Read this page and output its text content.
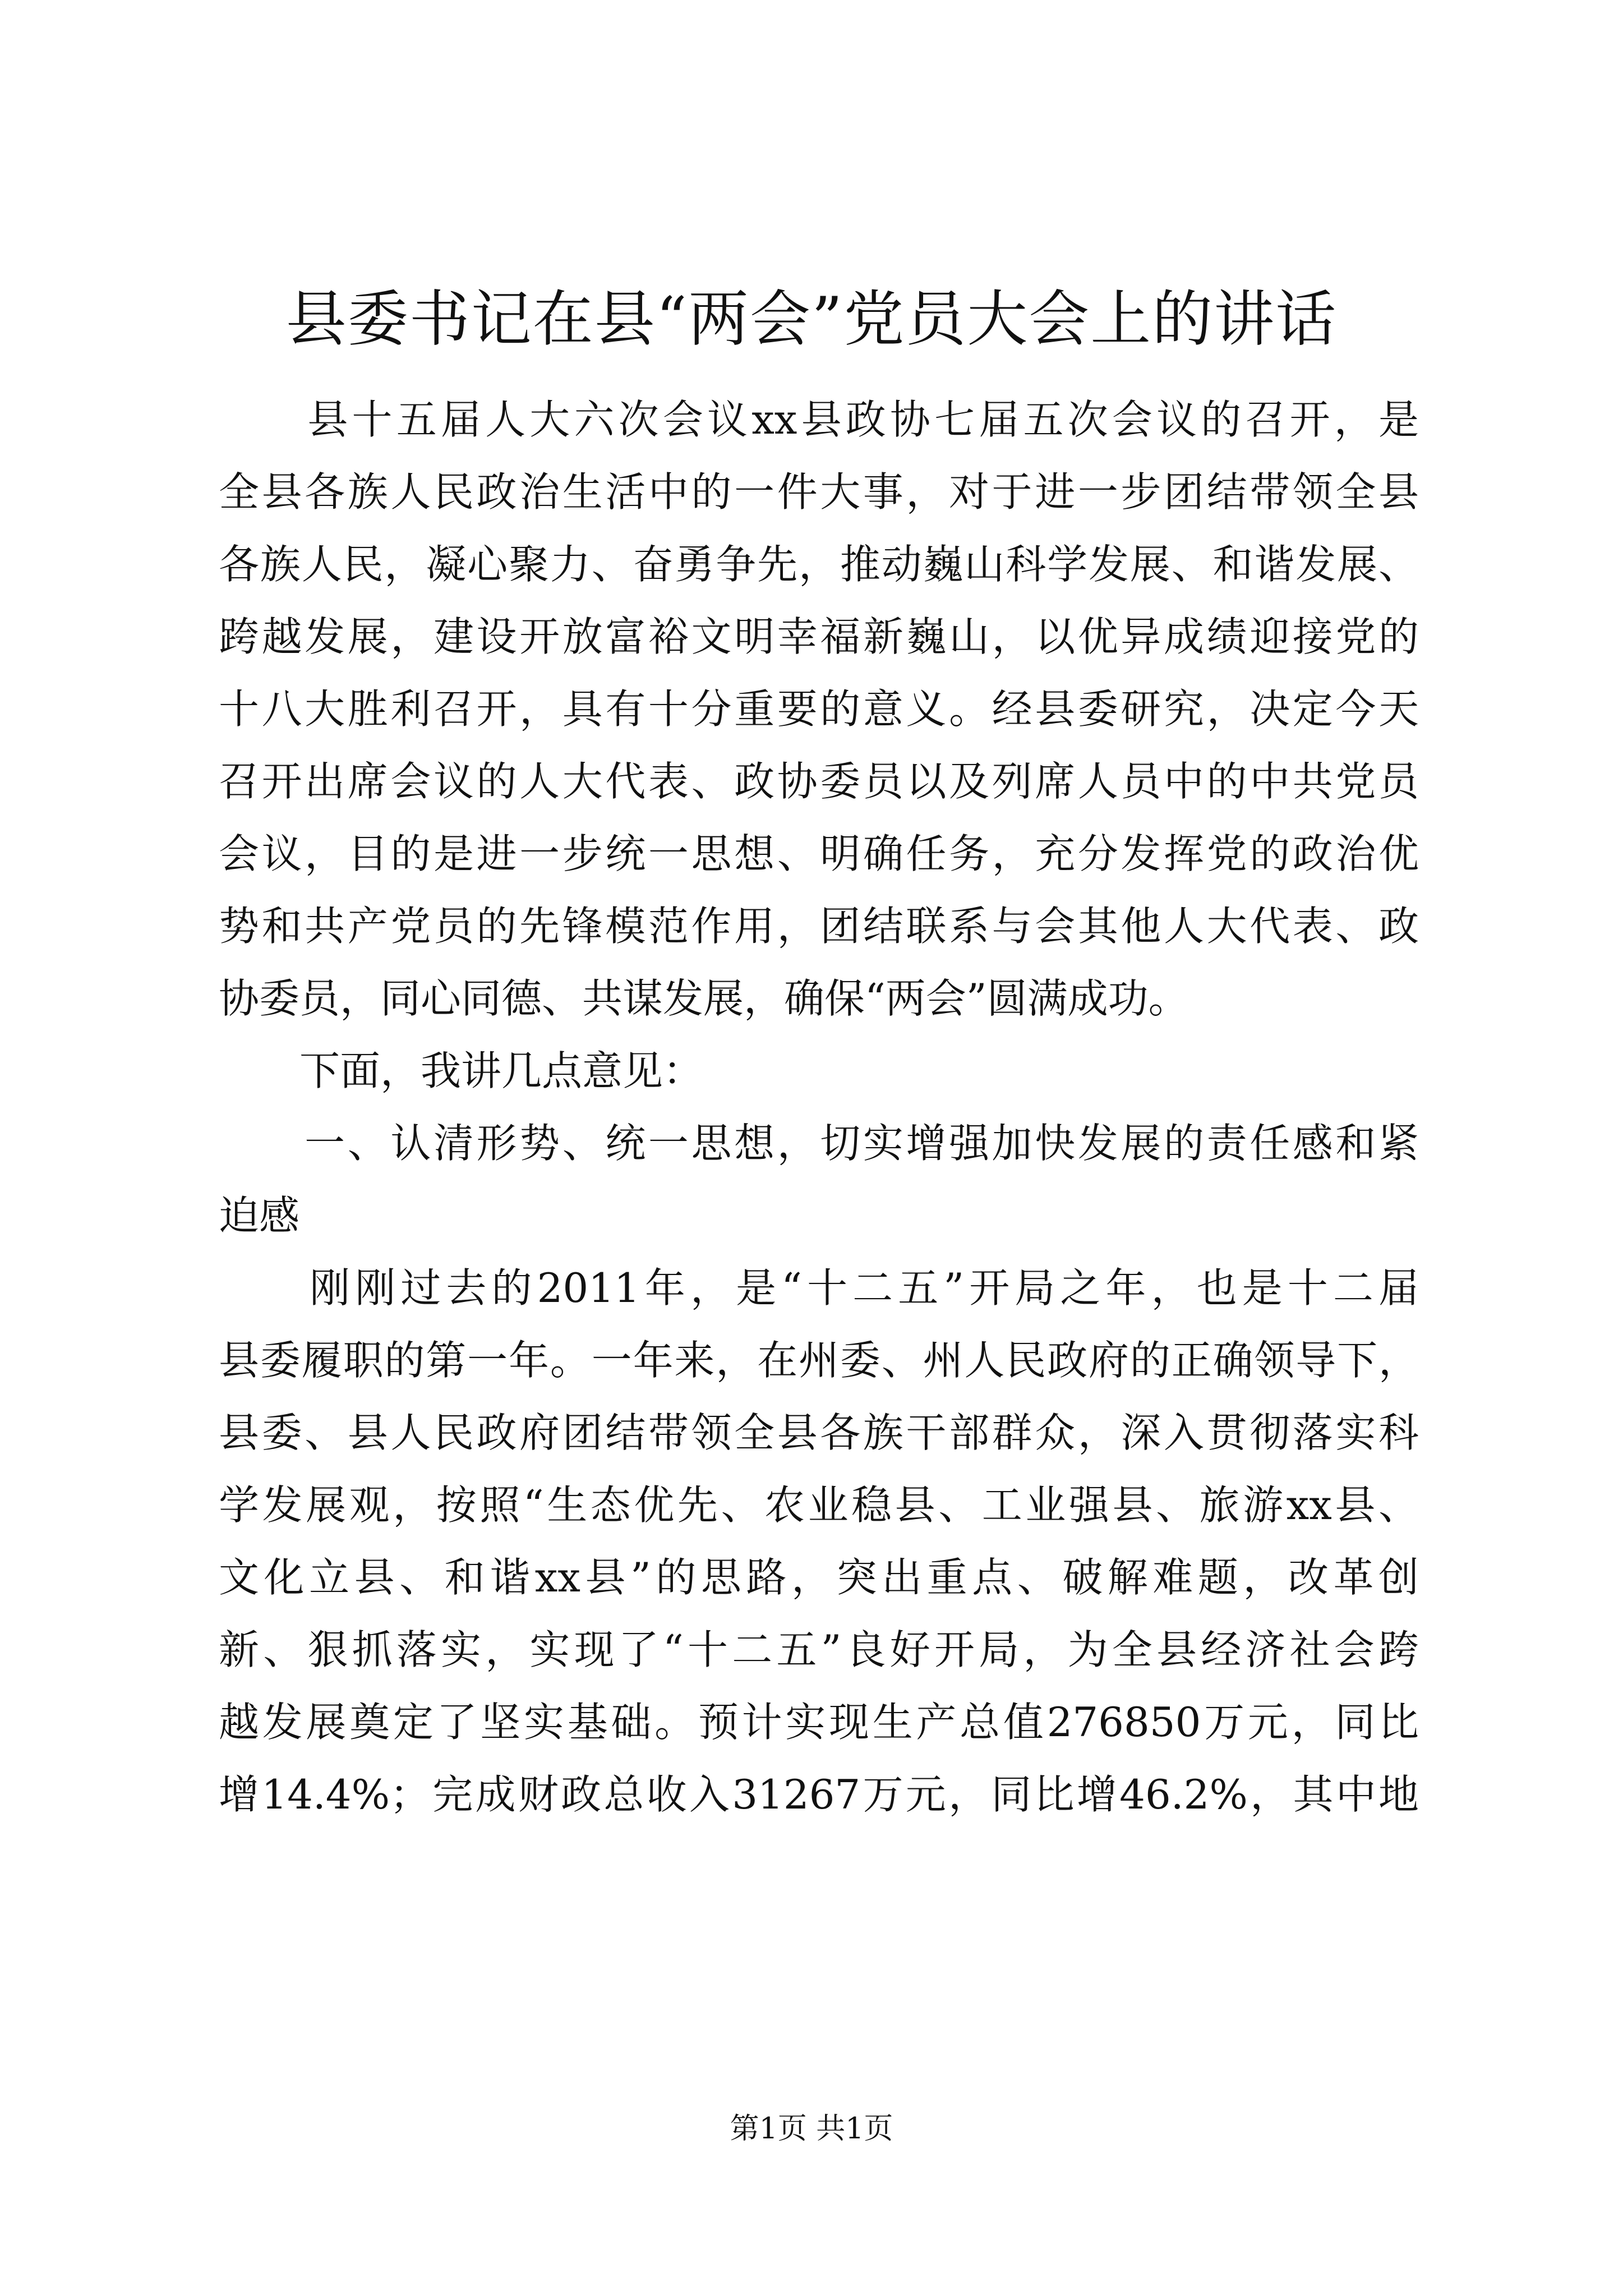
县委书记在县“两会”党员大会上的讲话
　　县十五届人大六次会议xx县政协七届五次会议的召开，是
全县各族人民政治生活中的一件大事，对于进一步团结带领全县
各族人民，凝心聚力、奋勇争先，推动巍山科学发展、和谐发展、
跨越发展，建设开放富裕文明幸福新巍山，以优异成绩迎接党的
十八大胜利召开，具有十分重要的意义。经县委研究，决定今天
召开出席会议的人大代表、政协委员以及列席人员中的中共党员
会议，目的是进一步统一思想、明确任务，充分发挥党的政治优
势和共产党员的先锋模范作用，团结联系与会其他人大代表、政
协委员，同心同德、共谋发展，确保“两会”圆满成功。
　　下面，我讲几点意见：
　　一、认清形势、统一思想，切实增强加快发展的责任感和紧
迫感
　　刚刚过去的2011年，是“十二五”开局之年，也是十二届
县委履职的第一年。一年来，在州委、州人民政府的正确领导下，
县委、县人民政府团结带领全县各族干部群众，深入贯彻落实科
学发展观，按照“生态优先、农业稳县、工业强县、旅游xx县、
文化立县、和谐xx县”的思路，突出重点、破解难题，改革创
新、狠抓落实，实现了“十二五”良好开局，为全县经济社会跨
越发展奠定了坚实基础。预计实现生产总值276850万元，同比
增14.4%；完成财政总收入31267万元，同比增46.2%，其中地
第1页 共1页
